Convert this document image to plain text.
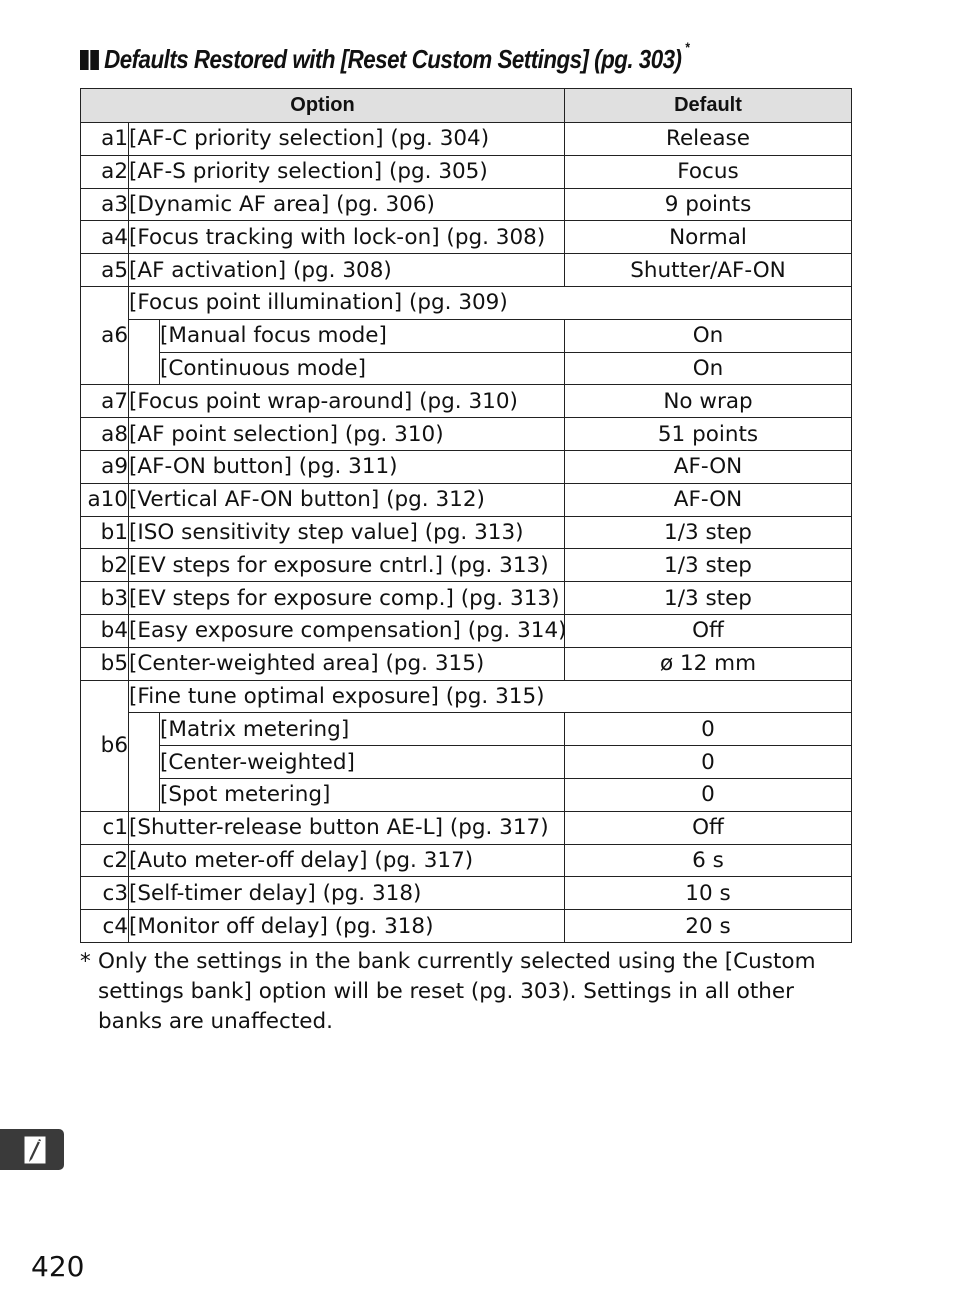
Defaults Restored with [Reset Custom Settings] (pg. 303) *
Option			Default
a1	[AF-C priority selection] (pg. 304)		Release
a2	[AF-S priority selection] (pg. 305)		Focus
a3	[Dynamic AF area] (pg. 306)		9 points
a4	[Focus tracking with lock-on] (pg. 308)		Normal
a5	[AF activation] (pg. 308)		Shutter/AF-ON
a6	[Focus point illumination] (pg. 309)		
		[Manual focus mode]	On
		[Continuous mode]	On
a7	[Focus point wrap-around] (pg. 310)		No wrap
a8	[AF point selection] (pg. 310)		51 points
a9	[AF-ON button] (pg. 311)		AF-ON
a10	[Vertical AF-ON button] (pg. 312)		AF-ON
b1	[ISO sensitivity step value] (pg. 313)		1/3 step
b2	[EV steps for exposure cntrl.] (pg. 313)		1/3 step
b3	[EV steps for exposure comp.] (pg. 313)		1/3 step
b4	[Easy exposure compensation] (pg. 314)		Off
b5	[Center-weighted area] (pg. 315)		ø 12 mm
b6	[Fine tune optimal exposure] (pg. 315)		
		[Matrix metering]	0
		[Center-weighted]	0
		[Spot metering]	0
c1	[Shutter-release button AE-L] (pg. 317)		Off
c2	[Auto meter-off delay] (pg. 317)		6 s
c3	[Self-timer delay] (pg. 318)		10 s
c4	[Monitor off delay] (pg. 318)		20 s
* Only the settings in the bank currently selected using the [Custom settings bank] option will be reset (pg. 303). Settings in all other banks are unaffected.
420
